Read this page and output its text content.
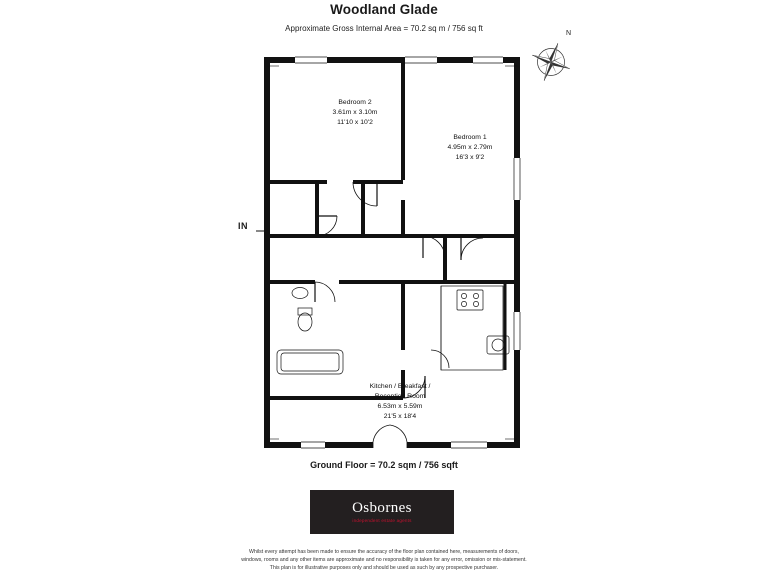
Woodland Glade
Approximate Gross Internal Area = 70.2 sq m / 756 sq ft
N
IN
Bedroom 2
3.61m x 3.10m
11'10 x 10'2
Bedroom 1
4.95m x 2.79m
16'3 x 9'2
Kitchen / Breakfast /
Reception Room
6.53m x 5.59m
21'5 x 18'4
Ground Floor = 70.2 sqm / 756 sqft
Osbornes
independent estate agents
Whilst every attempt has been made to ensure the accuracy of the floor plan contained here, measurements of doors,
windows, rooms and any other items are approximate and no responsibility is taken for any error, omission or mis-statement.
This plan is for illustrative purposes only and should be used as such by any prospective purchaser.
